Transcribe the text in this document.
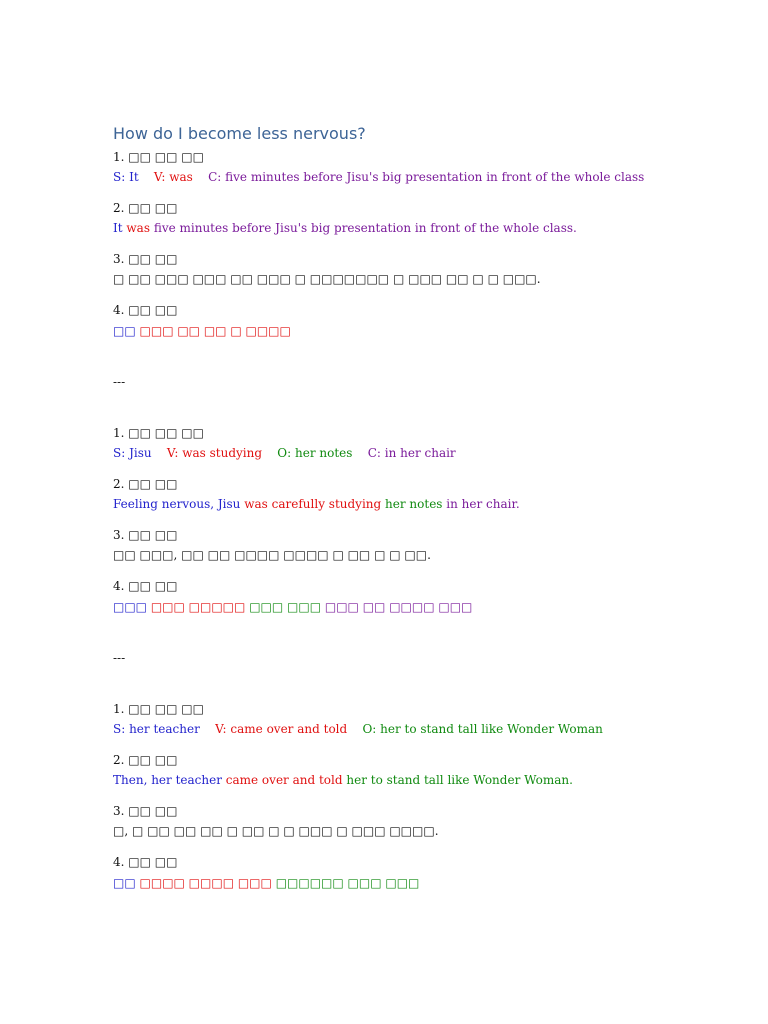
How do I become less nervous?
1. □□ □□ □□
S: It V: was C: five minutes before Jisu's big presentation in front of the whole class
2. □□ □□
It was five minutes before Jisu's big presentation in front of the whole class.
3. □□ □□
□ □□ □□□ □□□ □□ □□□ □ □□□□□□□ □ □□□ □□ □ □ □□□.
4. □□ □□
□□ □□□ □□ □□ □ □□□□
---
1. □□ □□ □□
S: Jisu V: was studying O: her notes C: in her chair
2. □□ □□
Feeling nervous, Jisu was carefully studying her notes in her chair.
3. □□ □□
□□ □□□, □□ □□ □□□□ □□□□ □ □□ □ □ □□.
4. □□ □□
□□□ □□□ □□□□□ □□□ □□□ □□□ □□ □□□□ □□□
---
1. □□ □□ □□
S: her teacher V: came over and told O: her to stand tall like Wonder Woman
2. □□ □□
Then, her teacher came over and told her to stand tall like Wonder Woman.
3. □□ □□
□, □ □□ □□ □□ □ □□ □ □ □□□ □ □□□ □□□□.
4. □□ □□
□□ □□□□ □□□□ □□□ □□□□□□ □□□ □□□
